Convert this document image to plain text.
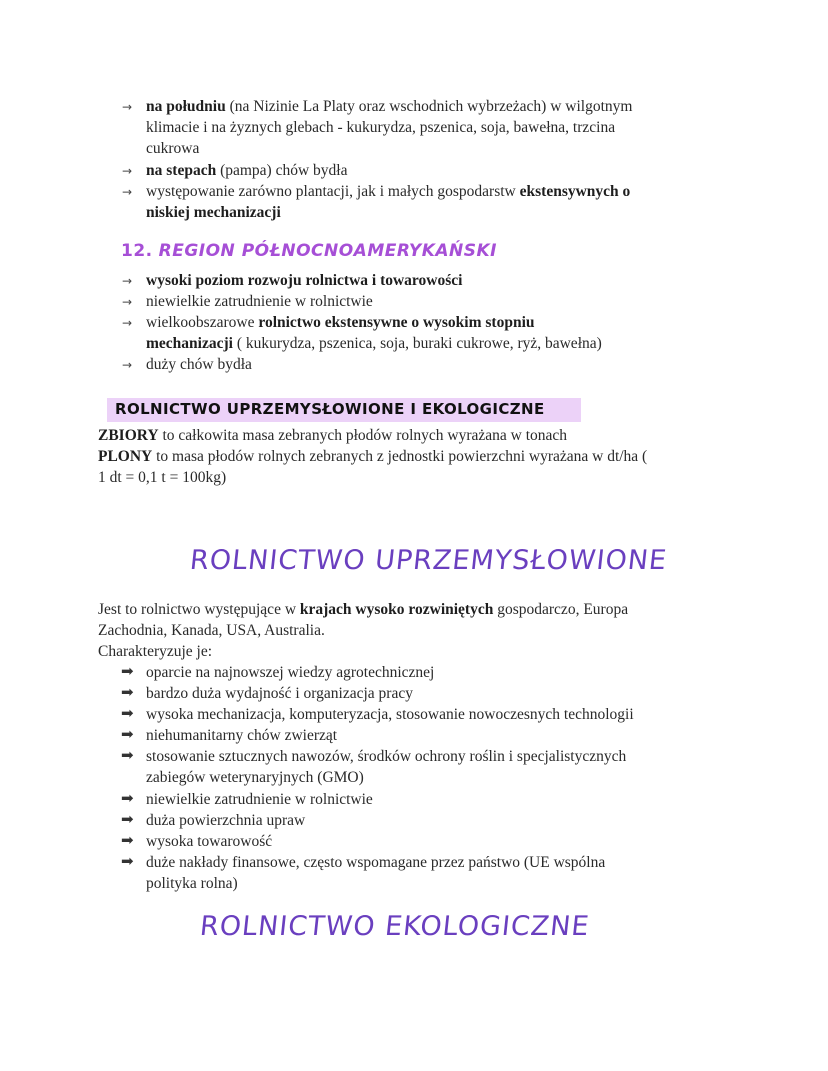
→ na południu (na Nizinie La Platy oraz wschodnich wybrzeżach) w wilgotnym
klimacie i na żyznych glebach - kukurydza, pszenica, soja, bawełna, trzcina
cukrowa
→ na stepach (pampa) chów bydła
→ występowanie zarówno plantacji, jak i małych gospodarstw ekstensywnych o
niskiej mechanizacji
12. REGION PÓŁNOCNOAMERYKAŃSKI
→ wysoki poziom rozwoju rolnictwa i towarowości
→ niewielkie zatrudnienie w rolnictwie
→ wielkoobszarowe rolnictwo ekstensywne o wysokim stopniu
mechanizacji ( kukurydza, pszenica, soja, buraki cukrowe, ryż, bawełna)
→ duży chów bydła
ROLNICTWO UPRZEMYSŁOWIONE I EKOLOGICZNE
ZBIORY to całkowita masa zebranych płodów rolnych wyrażana w tonach
PLONY to masa płodów rolnych zebranych z jednostki powierzchni wyrażana w dt/ha (
1 dt = 0,1 t = 100kg)
ROLNICTWO UPRZEMYSŁOWIONE
Jest to rolnictwo występujące w krajach wysoko rozwiniętych gospodarczo, Europa
Zachodnia, Kanada, USA, Australia.
Charakteryzuje je:
➡ oparcie na najnowszej wiedzy agrotechnicznej
➡ bardzo duża wydajność i organizacja pracy
➡ wysoka mechanizacja, komputeryzacja, stosowanie nowoczesnych technologii
➡ niehumanitarny chów zwierząt
➡ stosowanie sztucznych nawozów, środków ochrony roślin i specjalistycznych
zabiegów weterynaryjnych (GMO)
➡ niewielkie zatrudnienie w rolnictwie
➡ duża powierzchnia upraw
➡ wysoka towarowość
➡ duże nakłady finansowe, często wspomagane przez państwo (UE wspólna
polityka rolna)
ROLNICTWO EKOLOGICZNE
